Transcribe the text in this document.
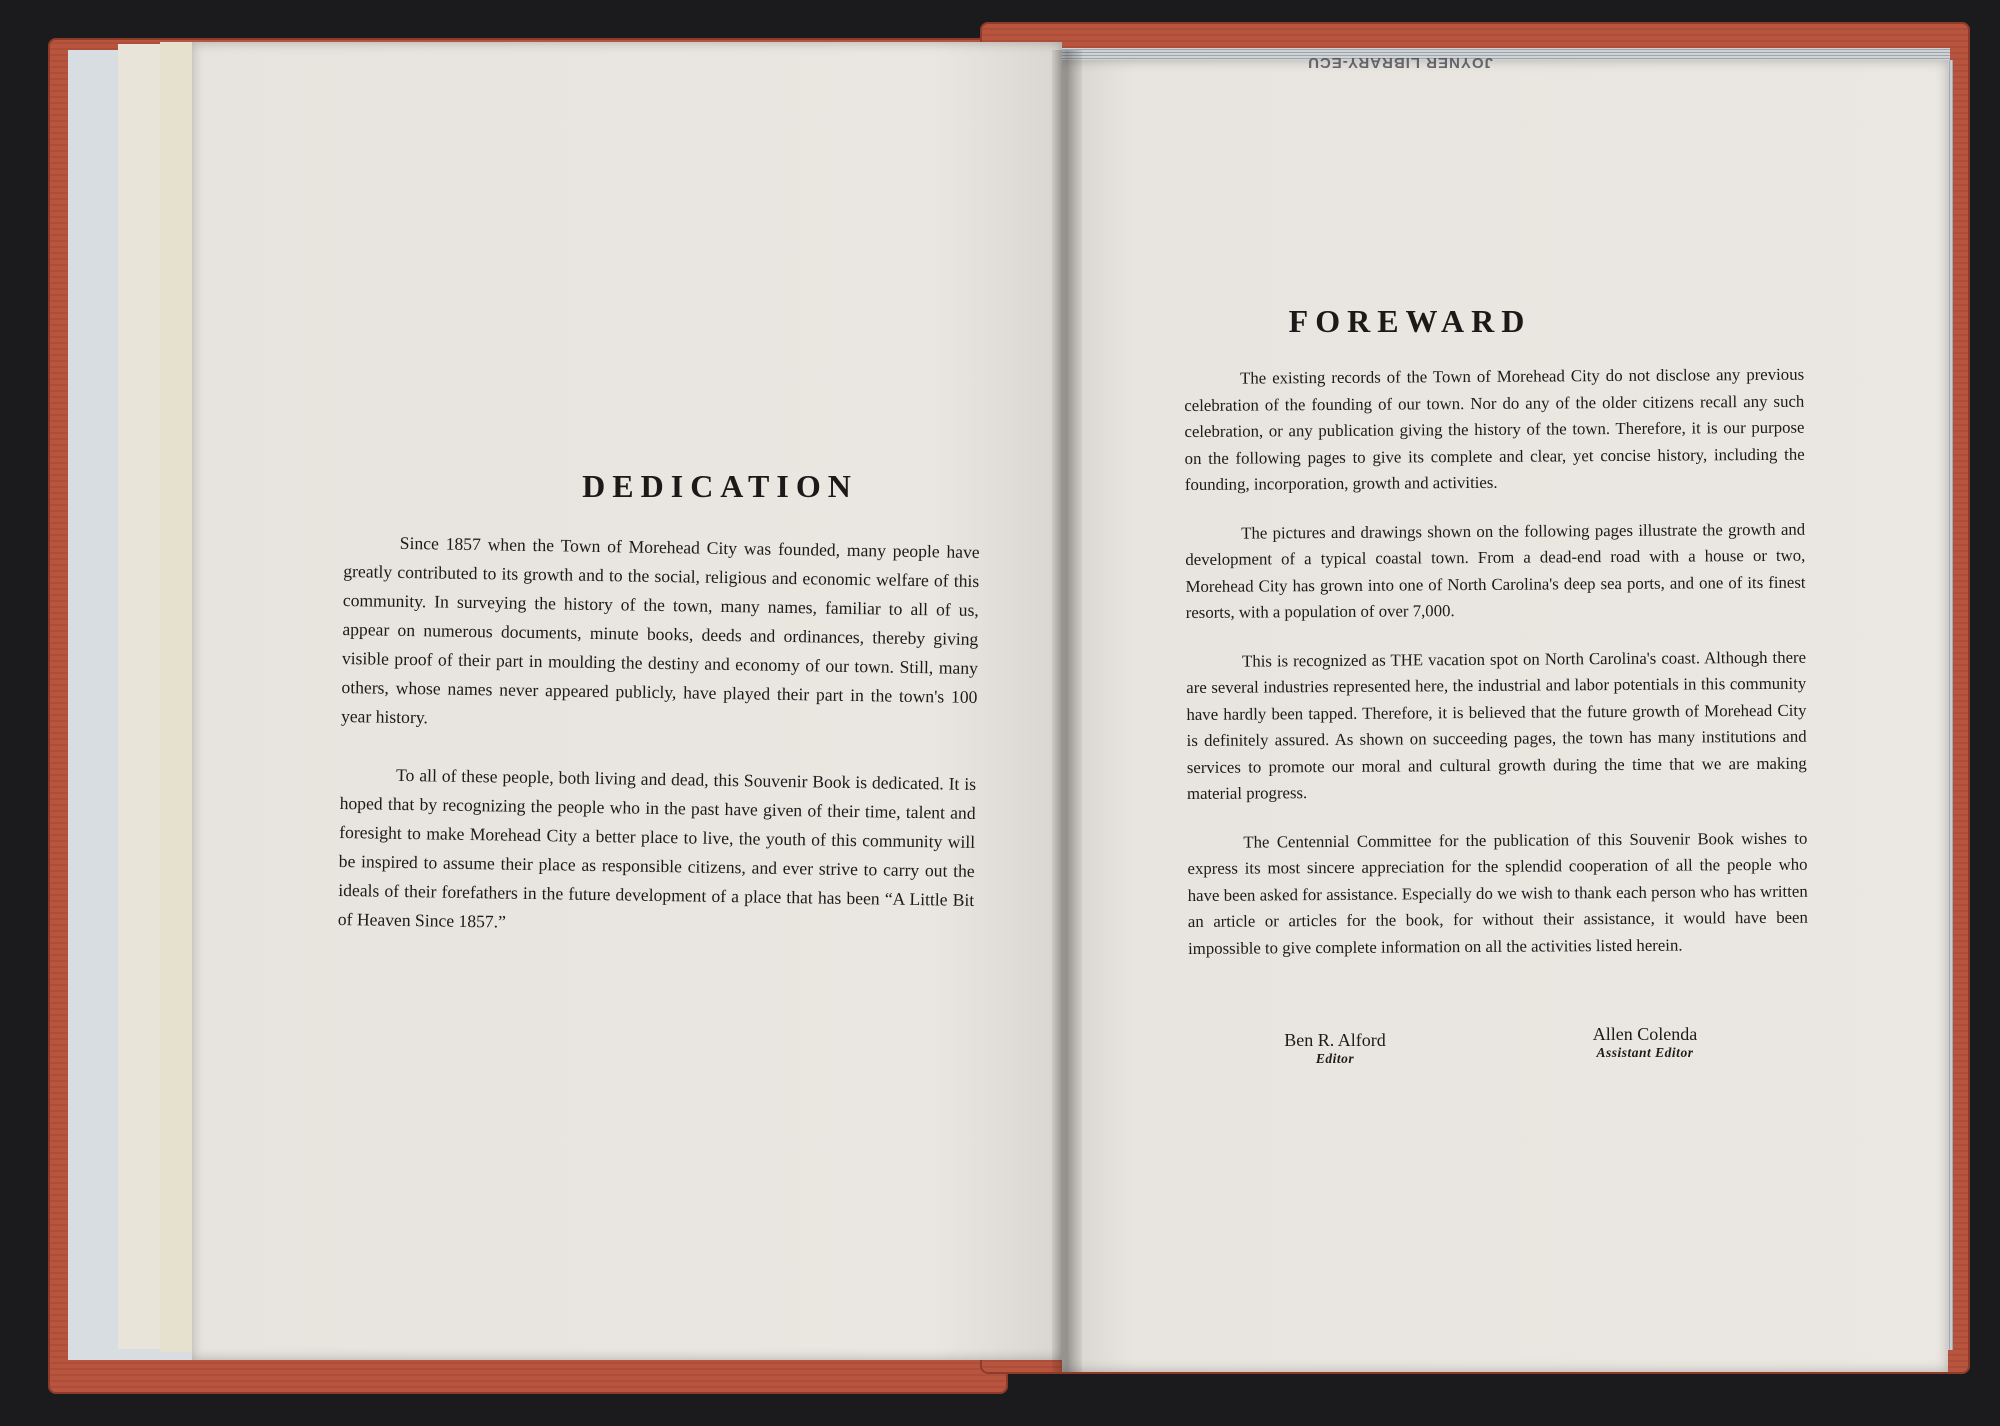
JOYNER LIBRARY-ECU
DEDICATION

Since 1857 when the Town of Morehead City was founded, many people have greatly contributed to its growth and to the social, religious and economic welfare of this community. In surveying the history of the town, many names, familiar to all of us, appear on numerous documents, minute books, deeds and ordinances, thereby giving visible proof of their part in moulding the destiny and economy of our town. Still, many others, whose names never appeared publicly, have played their part in the town's 100 year history.

To all of these people, both living and dead, this Souvenir Book is dedicated. It is hoped that by recognizing the people who in the past have given of their time, talent and foresight to make Morehead City a better place to live, the youth of this community will be inspired to assume their place as responsible citizens, and ever strive to carry out the ideals of their forefathers in the future development of a place that has been “A Little Bit of Heaven Since 1857.”

FOREWARD

The existing records of the Town of Morehead City do not disclose any previous celebration of the founding of our town. Nor do any of the older citizens recall any such celebration, or any publication giving the history of the town. Therefore, it is our purpose on the following pages to give its complete and clear, yet concise history, including the founding, incorporation, growth and activities.

The pictures and drawings shown on the following pages illustrate the growth and development of a typical coastal town. From a dead-end road with a house or two, Morehead City has grown into one of North Carolina's deep sea ports, and one of its finest resorts, with a population of over 7,000.

This is recognized as THE vacation spot on North Carolina's coast. Although there are several industries represented here, the industrial and labor potentials in this community have hardly been tapped. Therefore, it is believed that the future growth of Morehead City is definitely assured. As shown on succeeding pages, the town has many institutions and services to promote our moral and cultural growth during the time that we are making material progress.

The Centennial Committee for the publication of this Souvenir Book wishes to express its most sincere appreciation for the splendid cooperation of all the people who have been asked for assistance. Especially do we wish to thank each person who has written an article or articles for the book, for without their assistance, it would have been impossible to give complete information on all the activities listed herein.

Ben R. Alford
Editor
Allen Colenda
Assistant Editor
